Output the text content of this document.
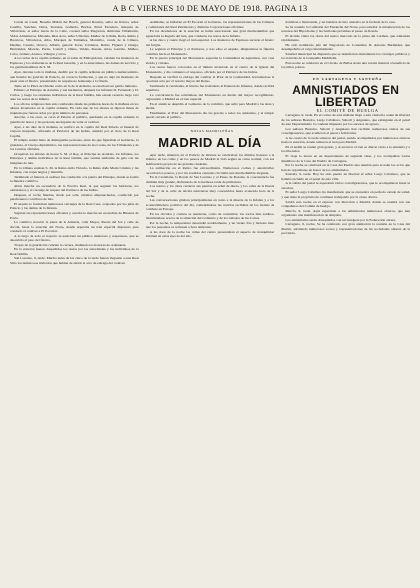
A B C VIERNES 10 DE MAYO DE 1918. PAGINA 13

Conde de Casal, Heredia Millán del Bosch, general Rosales, señor de Rivera, señor Castilla, Sánchez, Ostos, Terrazas, Gallardo, Bordas, Pérez Escudero, marqués de Villalcázar, el señor Girón de la Calle, coronel señor Pingarrón, almirante Villamartín, Vidal, Armenteros, Miranda, Díaz Arce, señor Ullastres, Muñoz de la Peña, Roda, Rubio y Bacaicoa, Villacieros, Alba, Marqués de Tamames, Montalbo, conde de la Cimera, Dueñas, Castelo, Orozco, Alberti, general Tovar, Cárdenas, Rubio, Figuera y Ortega, Hernández, Moreno, Pardo, Castell y Olano, Valdés, Pereda, Arias, Garrido, Muñoz, Cobo, Gómez, Alonso, Villegas y otros.

A los lados de la capilla ardiente, en el salón de Embajadores, velaban los monteros de Espinosa y los alabarderos de la Real Guardia, y en la antecámara, las damas de servicio y los gentileshombres de S. M.

Ayer, durante toda la mañana, desfiló por la capilla ardiente un público numerosísimo, que llenaba las galerías de Palacio, en correcta formación, y que no dejó un momento de pasar ante el féretro, presentando su respetuoso homenaje a la finada.

Tanto en la Plaza de Oriente como en la de la Armería, se estacionó un gentío inmenso.

Primero el Príncipe de Asturias y sus hermanos, después los infantes D. Fernando y D. Carlos, y luego los restantes individuos de la Real familia, han estado rezando largo rato ante los restos de la Infanta.

Los oficios religiosos han sido celebrados desde las primeras horas de la mañana en los altares levantados en la capilla ardiente. En cada uno de los altares se dijeron misas de réquiem que fueron oídas por gran número de personas.

Anoche, a las once, se cerró el Palacio al público, quedando en la capilla ardiente la guardia de honor y las personas encargadas de velar el cadáver.

Ayer, a las diez de la mañana, se verificó en la capilla del Real Palacio el funeral de córpore insepulto, oficiando el Patriarca de las Indias, asistido por el clero de la Real Capilla.

El templo estaba lleno de distinguidas personas, entre las que figuraban el Gobierno, la grandeza, el Cuerpo diplomático, las representaciones de las Cortes, de los Tribunales y de los Centros oficiales.

Ocupaban los sitiales de honor S. M. el Rey, el Príncipe de Asturias, los Infantes, los Príncipes y demás individuos de la Real familia, que vestían uniforme de gala con las insignias de luto.

En la tribuna estaban S. M. la Reina doña Victoria, la Reina doña María Cristina y las Infantas, con trajes negros y mantilla.

Terminado el funeral, el cadáver fue conducido a la puerta del Príncipe, donde se formó la fúnebre comitiva.

Abría marcha un escuadrón de la Escolta Real, al que seguían los batidores, los alabarderos y el carruaje de respeto del Patriarca de las Indias.

Después, el coche fúnebre, tirado por ocho caballos empenachados, conducido por palafreneros con librea de luto.

El séquito lo formaban numerosos carruajes de la Real Casa, ocupados por los jefes de Palacio y las damas de la Infanta.

Seguían las representaciones oficiales y cerraba la marcha un escuadrón de Húsares de Pavía.

La comitiva recorrió la plaza de la Armería, calle Mayor, Puerta del Sol y calle de Alcalá, hasta la estación del Norte, donde esperaba un tren especial dispuesto para conducir el cadáver a El Escorial.

A lo largo de todo el trayecto se estacionó un público numeroso y respetuoso, que se descubría al paso del féretro.

Tropas de la guarnición cubrían la carrera, rindiendo los honores de ordenanza.

En la estación fueron despedidos los restos por las autoridades y los individuos de la Real familia.

San Lorenzo, 9, tarde. Mucho antes de las cinco de la tarde fueron llegando a este Real Sitio los numerosos invitados que habían de asistir al acto de entrega del cadáver.

Asimismo, se hallaban en El Escorial el Gobierno, las representaciones de las Cámaras y comisiones del Real Patrimonio y distintas Corporaciones oficiales.

En los alrededores de la estación se había estacionado una gran muchedumbre que aguardaba la llegada del tren, que conducía los restos de la Infanta.

A las cinco y cuarto llegó el tren especial. Los monteros de Espinosa sacaron el féretro del furgón.

Le seguían el Príncipe y el Patriarca, y tras ellos el séquito, dirigiéndose la fúnebre comitiva hacia el Monasterio.

En la puerta principal del Monasterio esperaba la Comunidad de Agustinos, con cruz alzada y ciriales.

Los restos fueron colocados en el túmulo levantado en el centro de la iglesia del Monasterio, y dio comienzo el responso, oficiado por el Patriarca de las Indias.

Después se verificó la entrega del cadáver al Prior de la Comunidad, levantándose la oportuna acta por el notario mayor del Reino.

Terminada la ceremonia, el féretro fue trasladado al Panteón de Infantes, donde recibirá sepultura.

La concurrencia fue retirándose del Monasterio en medio del mayor recogimiento, regresando a Madrid en el tren especial.

En el andén se despidió el Gobierno de la comitiva, que salió para Madrid a las siete y media.

Finalmente, el Prior del Monasterio dio las gracias a todos los asistentes, y el templo quedó cerrado al público.

NOTAS MADRILEÑAS

MADRID AL DÍA

Ayer tarde, mientras en el Palacio de Oriente se celebraban los últimos honores a la Infanta, en las calles y en los paseos de Madrid la vida seguía su curso normal, con esa indiferencia propia de las grandes ciudades.

La animación en el Retiro fue extraordinaria. Numerosos coches y automóviles recorrían los paseos, y por las avenidas centrales circulaba una muchedumbre elegante.

En la Castellana, la Ronda de San Lorenzo y el Paseo de Rosales, la concurrencia fue también muy grande, disfrutando de la hermosa tarde de primavera.

Los teatros y los cines cerraron sus puertas en señal de duelo, y los cafés de la Puerta del Sol y de la calle de Alcalá estuvieron muy concurridos hasta avanzada hora de la noche.

Las conversaciones giraban principalmente en torno a la muerte de la Infanta y a los acontecimientos políticos del día, comentándose las noticias recibidas de los frentes de combate en Europa.

En los círculos y casinos se reunieron, como de costumbre, los socios más asiduos, discutiéndose acerca de la situación del Gobierno y de los trabajos de las Cortes.

Por la noche, la temperatura descendió notablemente, y un viento frío y molesto hizo que los paseantes se retirasen a hora temprana.

A las doce de la noche las calles del centro presentaban el aspecto de tranquilidad habitual en estas épocas del año.

doblaban a bienvenida, y un bandera de luto ondeaba en la fachada de la casa.

Se ha reunido la Comisión del Ensanche del Norte, para estudiar la urbanización de los terrenos del Hipódromo y las barriadas próximas al paseo de Ronda.

El alcalde visitó las obras del nuevo mercado de la plaza del Carmen, que adelantan rápidamente.

Ha sido nombrado jefe del Negociado de Consumos D. Antonio Bermúdez, que desempeñaba el cargo interinamente.

Sanidad municipal ha dispuesto que se desinfecten diariamente los carruajes públicos y los tranvías de la Compañía Madrileña.

Esta noche se celebrará en el Círculo de Bellas Artes una velada musical a beneficio de los niños pobres.

EN CARTAGENA Y SANTOÑA

AMNISTIADOS EN LIBERTAD

EL COMITÉ DE HUELGA

Cartagena, 9, tarde. En el correo de esta mañana llegó a esta ciudad la orden de libertad de los señores Besteiro, Largo Caballero, Saborit y Anguiano, que extinguían en el penal de este Departamento la condena impuesta por los sucesos de agosto.

Los señores Besteiro, Saborit y Anguiano han recibido numerosas visitas de sus correligionarios, que acudieron al penal a felicitarles.

A las cuatro de la tarde salieron del penal, siendo acompañados por numerosos obreros hasta la estación, donde tomaron el tren para Madrid.

En el andén se reunió gran gentío, y al arrancar el tren se dieron vivas a la amnistía y a los liberados.

El viaje lo hacen en un departamento de segunda clase, y los acompañan varios miembros de la Casa del Pueblo de Cartagena.

Por la noche se celebrará en la Casa del Pueblo una reunión para acordar los actos que han de organizarse en honor de los amnistiados.

Santoña, 9, tarde. Hoy ha sido puesto en libertad el señor Largo Caballero, que se hallaba recluido en el penal de esta villa.

A la salida del penal le esperaban varios correligionarios, que le acompañaron hasta la estación.

El señor Largo Caballero ha manifestado que se encuentra en perfecto estado de salud, y que tiene el propósito de continuar trabajando por la causa obrera.

Saldrá esta noche en el expreso con dirección a Madrid, donde se reunirá con sus compañeros del Comité de huelga.

Murcia, 9, tarde. Aquí esperaban a los amnistiados numerosos obreros, que han organizado una manifestación de simpatía.

Los amnistiados serán obsequiados con un banquete por la Federación obrera.

Cartagena, 9, noche. Se ha celebrado con gran animación la reunión en la Casa del Pueblo, asistiendo numerosos socios y representaciones de las sociedades obreras de la provincia.
